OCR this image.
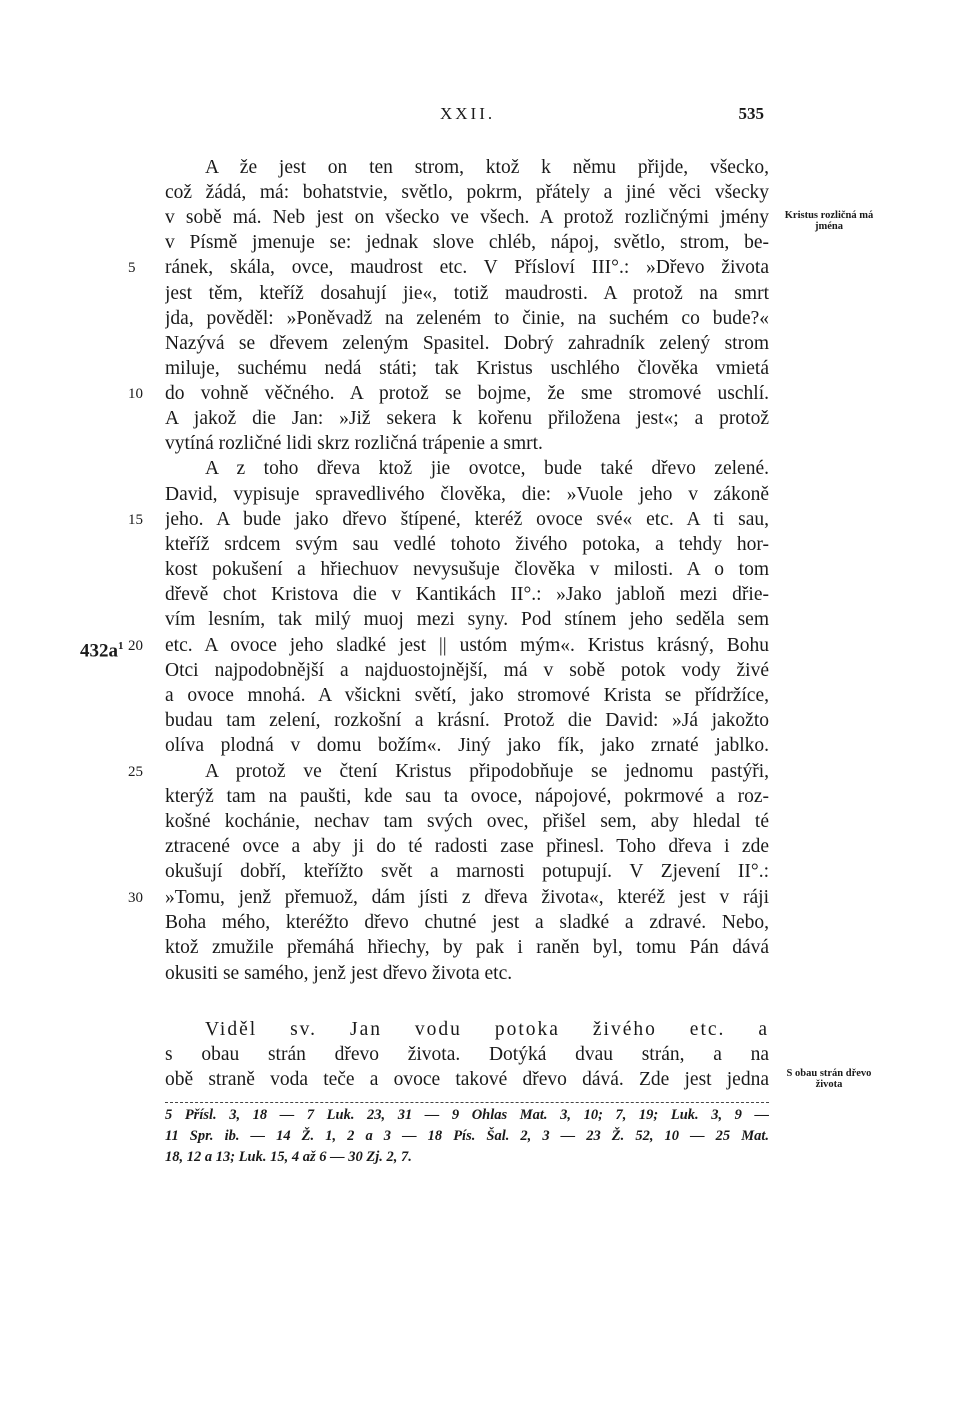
XXII.	535
A že jest on ten strom, ktož k němu přijde, všecko,
což žádá, má: bohatstvie, světlo, pokrm, přátely a jiné věci všecky
v sobě má. Neb jest on všecko ve všech. A protož rozličnými jmény
v Písmě jmenuje se: jednak slove chléb, nápoj, světlo, strom, be-
ránek, skála, ovce, maudrost etc. V Přísloví III°.: »Dřevo života
jest těm, kteříž dosahují jie«, totiž maudrosti. A protož na smrt
jda, pověděl: »Poněvadž na zeleném to činie, na suchém co bude?«
Nazývá se dřevem zeleným Spasitel. Dobrý zahradník zelený strom
miluje, suchému nedá státi; tak Kristus uschlého člověka vmietá
do vohně věčného. A protož se bojme, že sme stromové uschlí.
A jakož die Jan: »Již sekera k kořenu přiložena jest«; a protož
vytíná rozličné lidi skrz rozličná trápenie a smrt.
A z toho dřeva ktož jie ovotce, bude také dřevo zelené.
David, vypisuje spravedlivého člověka, die: »Vuole jeho v zákoně
jeho. A bude jako dřevo štípené, kteréž ovoce své« etc. A ti sau,
kteříž srdcem svým sau vedlé tohoto živého potoka, a tehdy hor-
kost pokušení a hřiechuov nevysušuje člověka v milosti. A o tom
dřevě chot Kristova die v Kantikách II°.: »Jako jabloň mezi dřie-
vím lesním, tak milý muoj mezi syny. Pod stínem jeho seděla sem
etc. A ovoce jeho sladké jest || ustóm mým«. Kristus krásný, Bohu
Otci najpodobnější a najduostojnější, má v sobě potok vody živé
a ovoce mnohá. A všickni světí, jako stromové Krista se přídržíce,
budau tam zelení, rozkošní a krásní. Protož die David: »Já jakožto
olíva plodná v domu božím«. Jiný jako fík, jako zrnaté jablko.
A protož ve čtení Kristus připodobňuje se jednomu pastýři,
kterýž tam na paušti, kde sau ta ovoce, nápojové, pokrmové a roz-
košné kochánie, nechav tam svých ovec, přišel sem, aby hledal té
ztracené ovce a aby ji do té radosti zase přinesl. Toho dřeva i zde
okušují dobří, kteřížto svět a marnosti potupují. V Zjevení II°.:
»Tomu, jenž přemuož, dám jísti z dřeva života«, kteréž jest v ráji
Boha mého, kteréžto dřevo chutné jest a sladké a zdravé. Nebo,
ktož zmužile přemáhá hřiechy, by pak i raněn byl, tomu Pán dává
okusiti se samého, jenž jest dřevo života etc.
Viděl sv. Jan vodu potoka živého etc. a
s obau strán dřevo života. Dotýká dvau strán, a na
obě straně voda teče a ovoce takové dřevo dává. Zde jest jedna
5
10
15
20
25
30
$432a^1$
Kristus rozličná má jména
S obau strán dřevo života
5 Přísl. 3, 18 — 7 Luk. 23, 31 — 9 Ohlas Mat. 3, 10; 7, 19; Luk. 3, 9 —
11 Spr. ib. — 14 Ž. 1, 2 a 3 — 18 Pís. Šal. 2, 3 — 23 Ž. 52, 10 — 25 Mat.
18, 12 a 13; Luk. 15, 4 až 6 — 30 Zj. 2, 7.
